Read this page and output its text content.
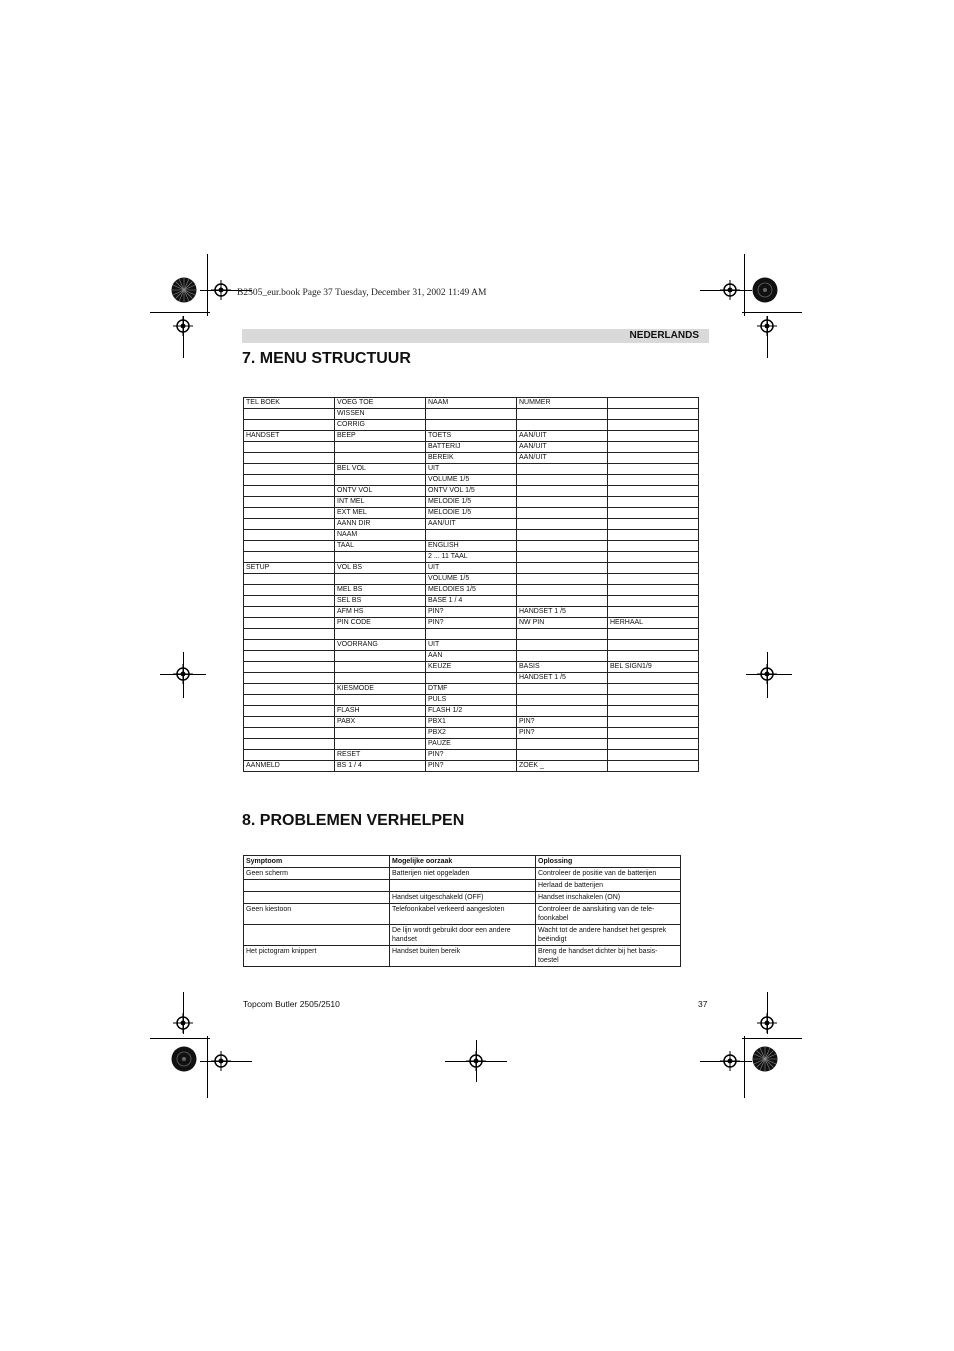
B2505_eur.book Page 37 Tuesday, December 31, 2002 11:49 AM
NEDERLANDS
7. MENU STRUCTUUR
TEL BOEK	VOEG TOE	NAAM	NUMMER	
	WISSEN			
	CORRIG			
HANDSET	BEEP	TOETS	AAN/UIT	
		BATTERIJ	AAN/UIT	
		BEREIK	AAN/UIT	
	BEL VOL	UIT		
		VOLUME 1/5		
	ONTV VOL	ONTV VOL 1/5		
	INT MEL	MELODIE 1/5		
	EXT MEL	MELODIE 1/5		
	AANN DIR	AAN/UIT		
	NAAM			
	TAAL	ENGLISH		
		2 ... 11 TAAL		
SETUP	VOL BS	UIT		
		VOLUME 1/5		
	MEL BS	MELODIES 1/5		
	SEL BS	BASE 1 / 4		
	AFM HS	PIN?	HANDSET 1 /5	
	PIN CODE	PIN?	NW PIN	HERHAAL

	VOORRANG	UIT		
		AAN		
		KEUZE	BASIS	BEL SIGN1/9
			HANDSET 1 /5	
	KIESMODE	DTMF		
		PULS		
	FLASH	FLASH 1/2		
	PABX	PBX1	PIN?	
		PBX2	PIN?	
		PAUZE		
	RESET	PIN?		
AANMELD	BS 1 / 4	PIN?	ZOEK _	
8. PROBLEMEN VERHELPEN
Symptoom	Mogelijke oorzaak	Oplossing
Geen scherm	Batterijen niet opgeladen	Controleer de positie van de batterijen
		Herlaad de batterijen
	Handset uitgeschakeld (OFF)	Handset inschakelen (ON)
Geen kiestoon	Telefoonkabel verkeerd aangesloten	Controleer de aansluiting van de tele-foonkabel
	De lijn wordt gebruikt door een andere handset	Wacht tot de andere handset het gesprek beëindigt
Het pictogram knippert	Handset buiten bereik	Breng de handset dichter bij het basis-toestel
Topcom Butler 2505/2510	37
